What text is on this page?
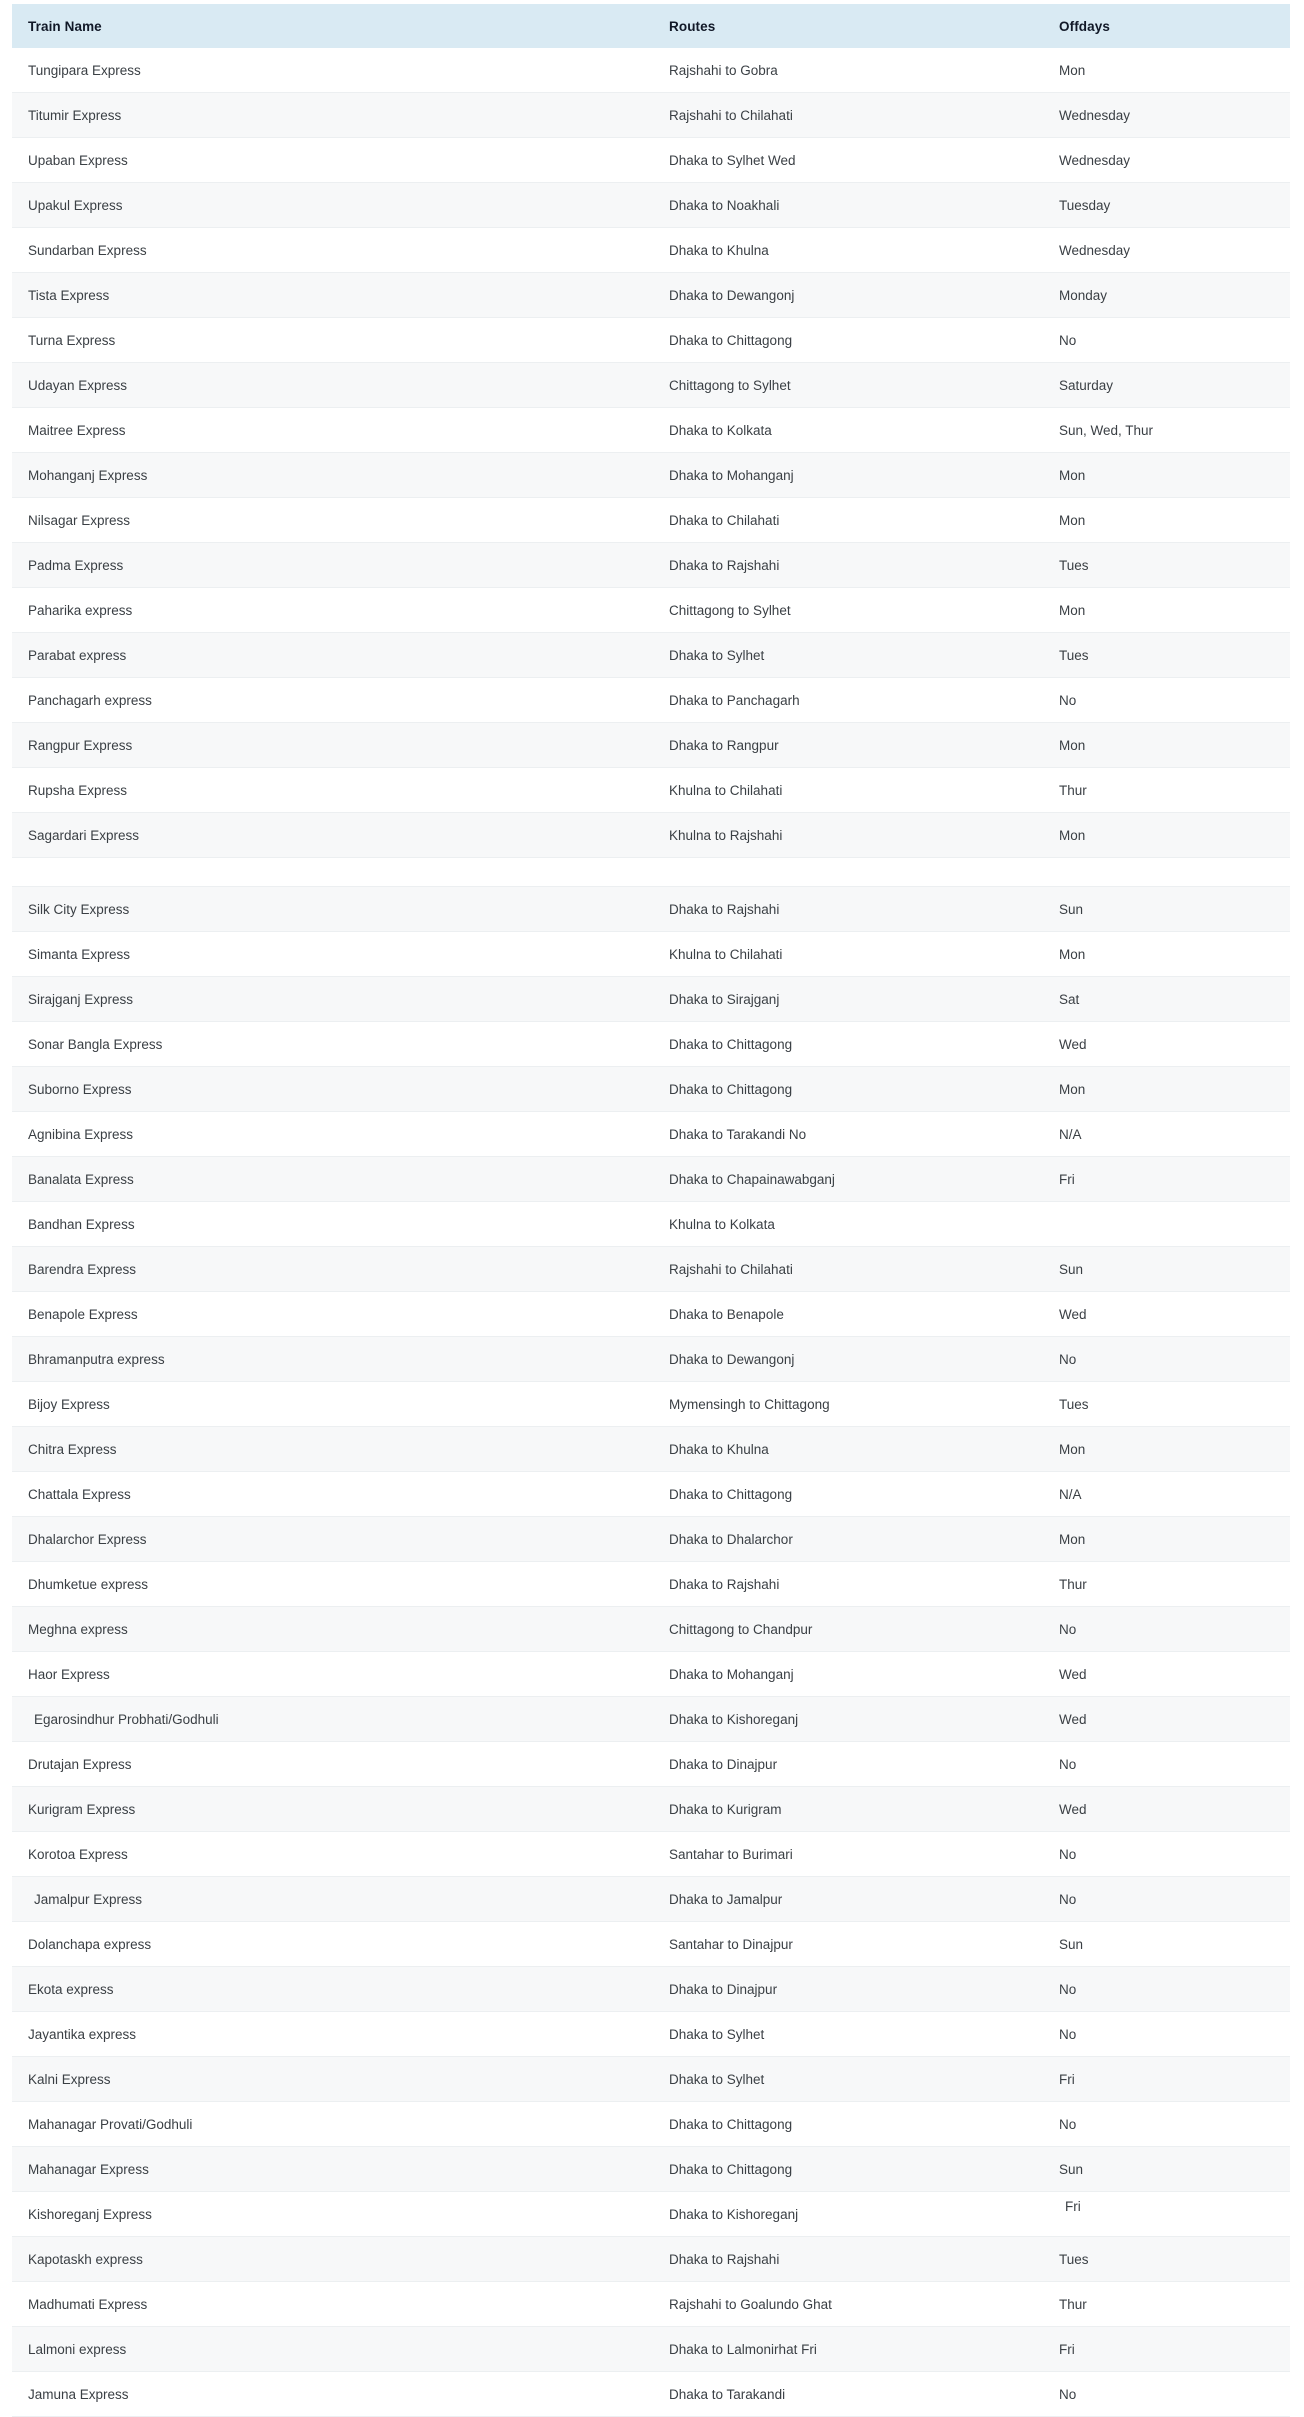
Train Name	Routes	Offdays
Tungipara Express	Rajshahi to Gobra	Mon
Titumir Express	Rajshahi to Chilahati	Wednesday
Upaban Express	Dhaka to Sylhet Wed	Wednesday
Upakul Express	Dhaka to Noakhali	Tuesday
Sundarban Express	Dhaka to Khulna	Wednesday
Tista Express	Dhaka to Dewangonj	Monday
Turna Express	Dhaka to Chittagong	No
Udayan Express	Chittagong to Sylhet	Saturday
Maitree Express	Dhaka to Kolkata	Sun, Wed, Thur
Mohanganj Express	Dhaka to Mohanganj	Mon
Nilsagar Express	Dhaka to Chilahati	Mon
Padma Express	Dhaka to Rajshahi	Tues
Paharika express	Chittagong to Sylhet	Mon
Parabat express	Dhaka to Sylhet	Tues
Panchagarh express	Dhaka to Panchagarh	No
Rangpur Express	Dhaka to Rangpur	Mon
Rupsha Express	Khulna to Chilahati	Thur
Sagardari Express	Khulna to Rajshahi	Mon

Silk City Express	Dhaka to Rajshahi	Sun
Simanta Express	Khulna to Chilahati	Mon
Sirajganj Express	Dhaka to Sirajganj	Sat
Sonar Bangla Express	Dhaka to Chittagong	Wed
Suborno Express	Dhaka to Chittagong	Mon
Agnibina Express	Dhaka to Tarakandi No	N/A
Banalata Express	Dhaka to Chapainawabganj	Fri
Bandhan Express	Khulna to Kolkata	
Barendra Express	Rajshahi to Chilahati	Sun
Benapole Express	Dhaka to Benapole	Wed
Bhramanputra express	Dhaka to Dewangonj	No
Bijoy Express	Mymensingh to Chittagong	Tues
Chitra Express	Dhaka to Khulna	Mon
Chattala Express	Dhaka to Chittagong	N/A
Dhalarchor Express	Dhaka to Dhalarchor	Mon
Dhumketue express	Dhaka to Rajshahi	Thur
Meghna express	Chittagong to Chandpur	No
Haor Express	Dhaka to Mohanganj	Wed
Egarosindhur Probhati/Godhuli	Dhaka to Kishoreganj	Wed
Drutajan Express	Dhaka to Dinajpur	No
Kurigram Express	Dhaka to Kurigram	Wed
Korotoa Express	Santahar to Burimari	No
Jamalpur Express	Dhaka to Jamalpur	No
Dolanchapa express	Santahar to Dinajpur	Sun
Ekota express	Dhaka to Dinajpur	No
Jayantika express	Dhaka to Sylhet	No
Kalni Express	Dhaka to Sylhet	Fri
Mahanagar Provati/Godhuli	Dhaka to Chittagong	No
Mahanagar Express	Dhaka to Chittagong	Sun
Kishoreganj Express	Dhaka to Kishoreganj	Fri
Kapotaskh express	Dhaka to Rajshahi	Tues
Madhumati Express	Rajshahi to Goalundo Ghat	Thur
Lalmoni express	Dhaka to Lalmonirhat Fri	Fri
Jamuna Express	Dhaka to Tarakandi	No
